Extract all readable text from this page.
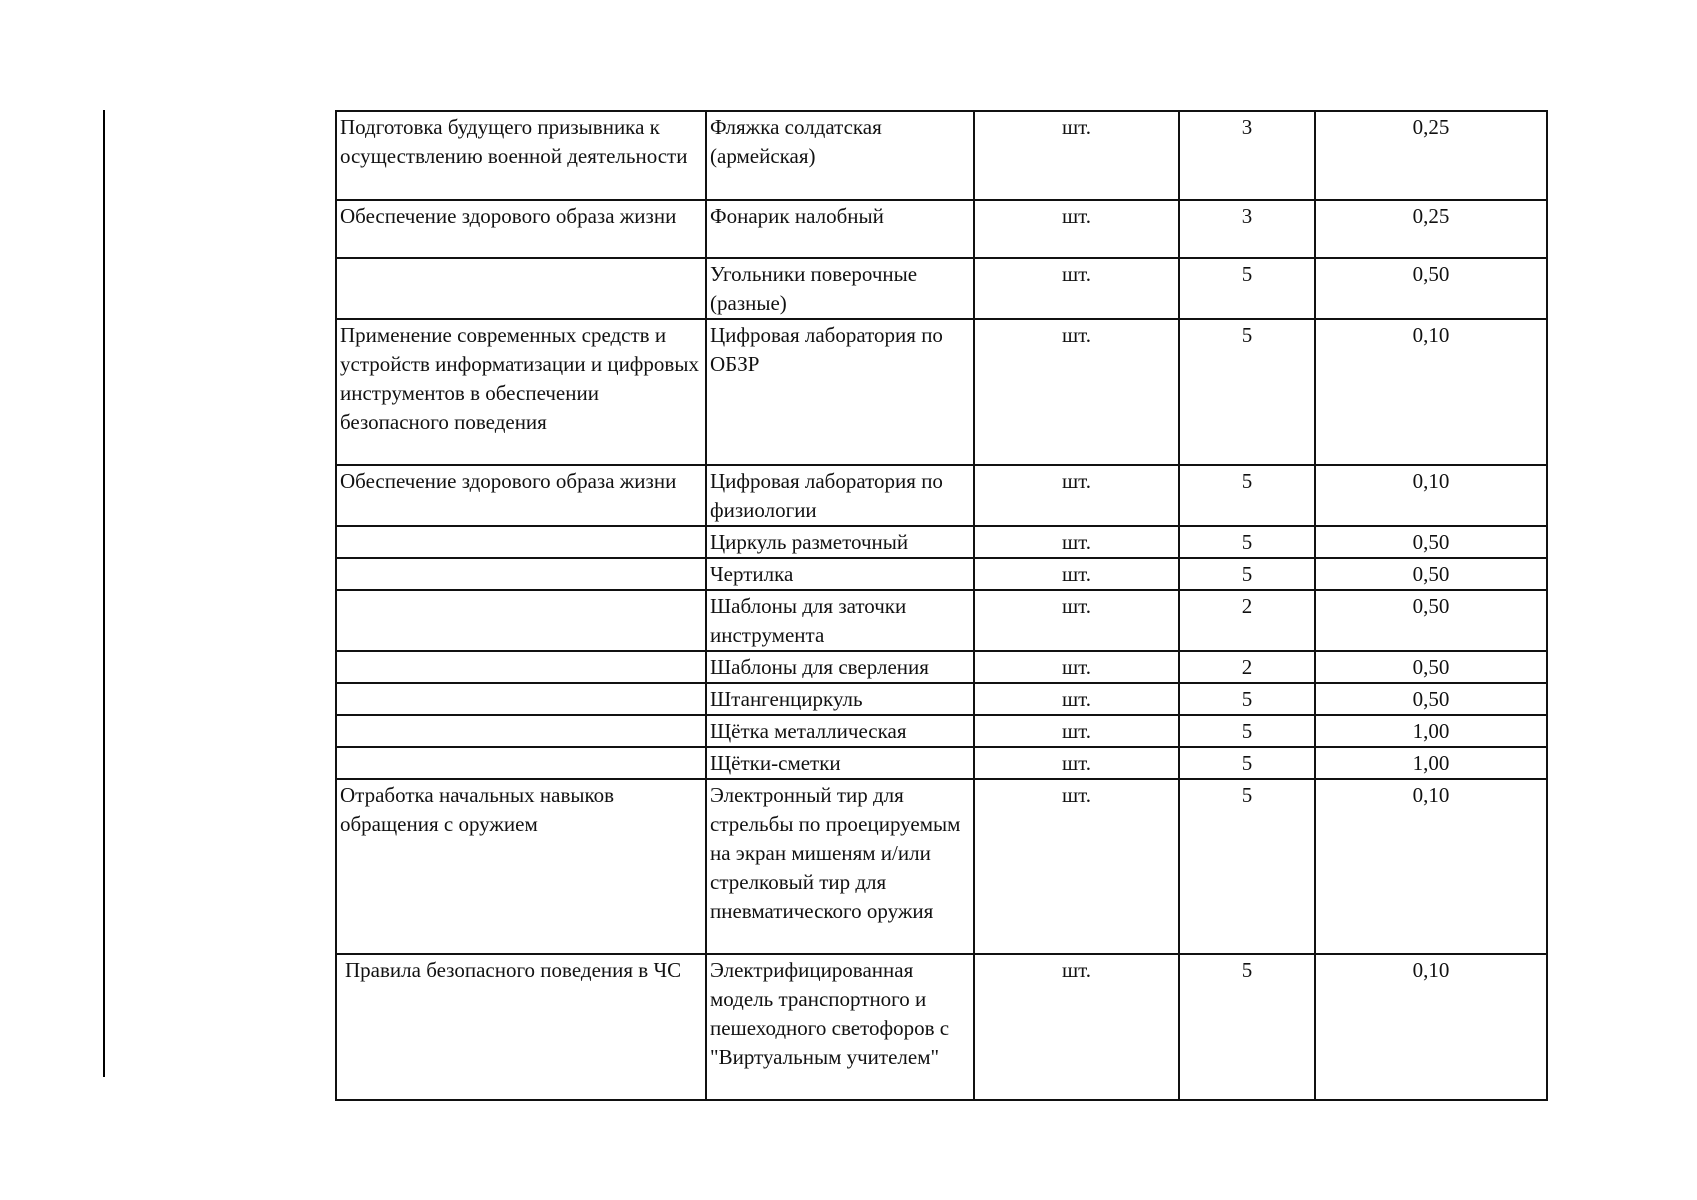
Подготовка будущего призывника к осуществлению военной деятельности	Фляжка солдатская (армейская)	шт.	3	0,25
Обеспечение здорового образа жизни	Фонарик налобный	шт.	3	0,25
	Угольники поверочные (разные)	шт.	5	0,50
Применение современных средств и устройств информатизации и цифровых инструментов в обеспечении безопасного поведения	Цифровая лаборатория по ОБЗР	шт.	5	0,10
Обеспечение здорового образа жизни	Цифровая лаборатория по физиологии	шт.	5	0,10
	Циркуль разметочный	шт.	5	0,50
	Чертилка	шт.	5	0,50
	Шаблоны для заточки инструмента	шт.	2	0,50
	Шаблоны для сверления	шт.	2	0,50
	Штангенциркуль	шт.	5	0,50
	Щётка металлическая	шт.	5	1,00
	Щётки-сметки	шт.	5	1,00
Отработка начальных навыков обращения с оружием	Электронный тир для стрельбы по проецируемым на экран мишеням и/или стрелковый тир для пневматического оружия	шт.	5	0,10
Правила безопасного поведения в ЧС	Электрифицированная модель транспортного и пешеходного светофоров с "Виртуальным учителем"	шт.	5	0,10
